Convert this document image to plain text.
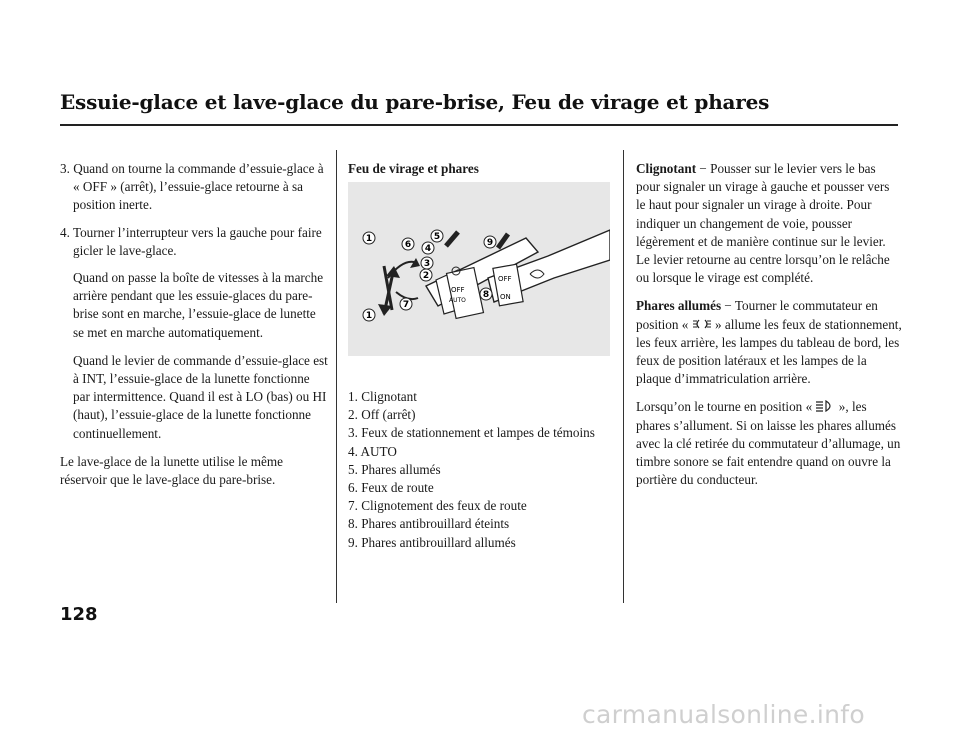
Essuie-glace et lave-glace du pare-brise, Feu de virage et phares

3. Quand on tourne la commande d’essuie-glace à « OFF » (arrêt), l’essuie-glace retourne à sa position inerte.

4. Tourner l’interrupteur vers la gauche pour faire gicler le lave-glace.

Quand on passe la boîte de vitesses à la marche arrière pendant que les essuie-glaces du pare-brise sont en marche, l’essuie-glace de lunette se met en marche automatiquement.

Quand le levier de commande d’essuie-glace est à INT, l’essuie-glace de la lunette fonctionne par intermittence. Quand il est à LO (bas) ou HI (haut), l’essuie-glace de la lunette fonctionne continuellement.

Le lave-glace de la lunette utilise le même réservoir que le lave-glace du pare-brise.

Feu de virage et phares

OFF
AUTO
OFF
ON
1
1
2
3
4
5
6
7
8
9
1. Clignotant
2. Off (arrêt)
3. Feux de stationnement et lampes de témoins
4. AUTO
5. Phares allumés
6. Feux de route
7. Clignotement des feux de route
8. Phares antibrouillard éteints
9. Phares antibrouillard allumés

Clignotant − Pousser sur le levier vers le bas pour signaler un virage à gauche et pousser vers le haut pour signaler un virage à droite. Pour indiquer un changement de voie, pousser légèrement et de manière continue sur le levier. Le levier retourne au centre lorsqu’on le relâche ou lorsque le virage est complété.

Phares allumés − Tourner le commutateur en position «  » allume les feux de stationnement, les feux arrière, les lampes du tableau de bord, les feux de position latéraux et les lampes de la plaque d’immatriculation arrière.

Lorsqu’on le tourne en position «  », les phares s’allument. Si on laisse les phares allumés avec la clé retirée du commutateur d’allumage, un timbre sonore se fait entendre quand on ouvre la portière du conducteur.

128
carmanualsonline.info
